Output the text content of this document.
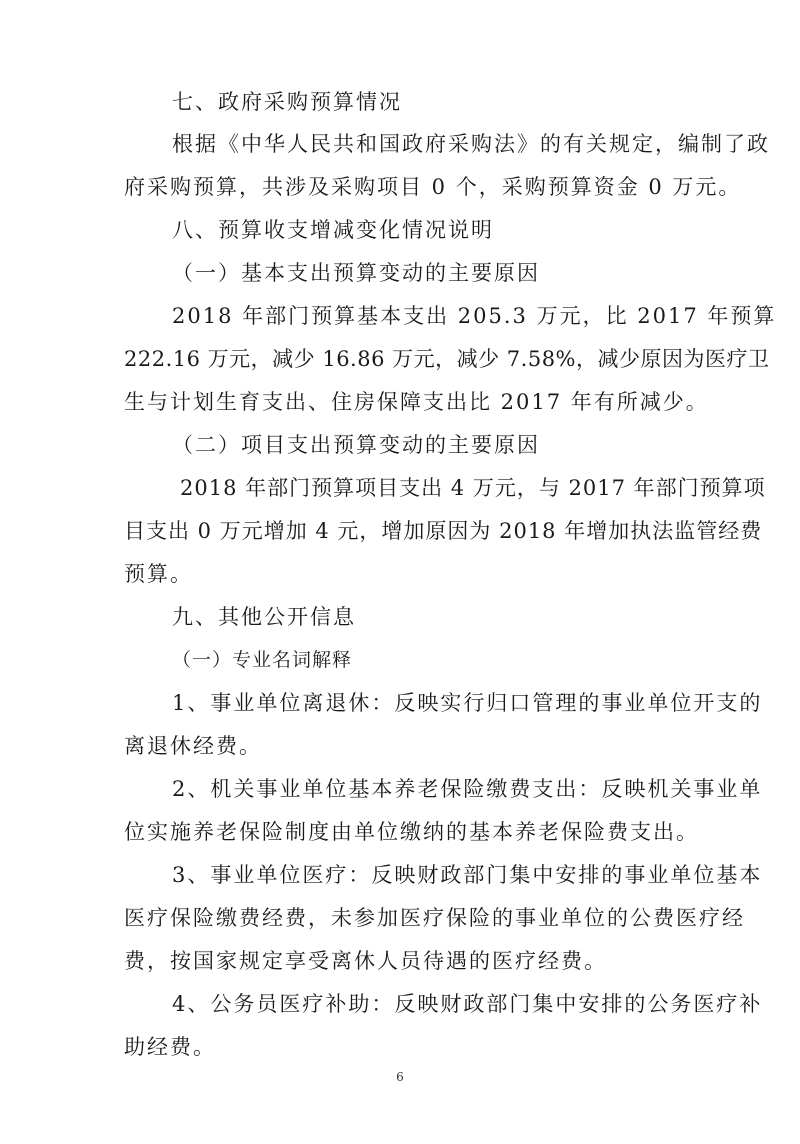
七、政府采购预算情况
根据《中华人民共和国政府采购法》的有关规定，编制了政
府采购预算，共涉及采购项目 0 个，采购预算资金 0 万元。
八、预算收支增减变化情况说明
（一）基本支出预算变动的主要原因
2018 年部门预算基本支出 205.3 万元，比 2017 年预算
222.16 万元，减少 16.86 万元，减少 7.58%，减少原因为医疗卫
生与计划生育支出、住房保障支出比 2017 年有所减少。
（二）项目支出预算变动的主要原因
2018 年部门预算项目支出 4 万元，与 2017 年部门预算项
目支出 0 万元增加 4 元，增加原因为 2018 年增加执法监管经费
预算。
九、其他公开信息
（一）专业名词解释
1、事业单位离退休：反映实行归口管理的事业单位开支的
离退休经费。
2、机关事业单位基本养老保险缴费支出：反映机关事业单
位实施养老保险制度由单位缴纳的基本养老保险费支出。
3、事业单位医疗：反映财政部门集中安排的事业单位基本
医疗保险缴费经费，未参加医疗保险的事业单位的公费医疗经
费，按国家规定享受离休人员待遇的医疗经费。
4、公务员医疗补助：反映财政部门集中安排的公务医疗补
助经费。
6
